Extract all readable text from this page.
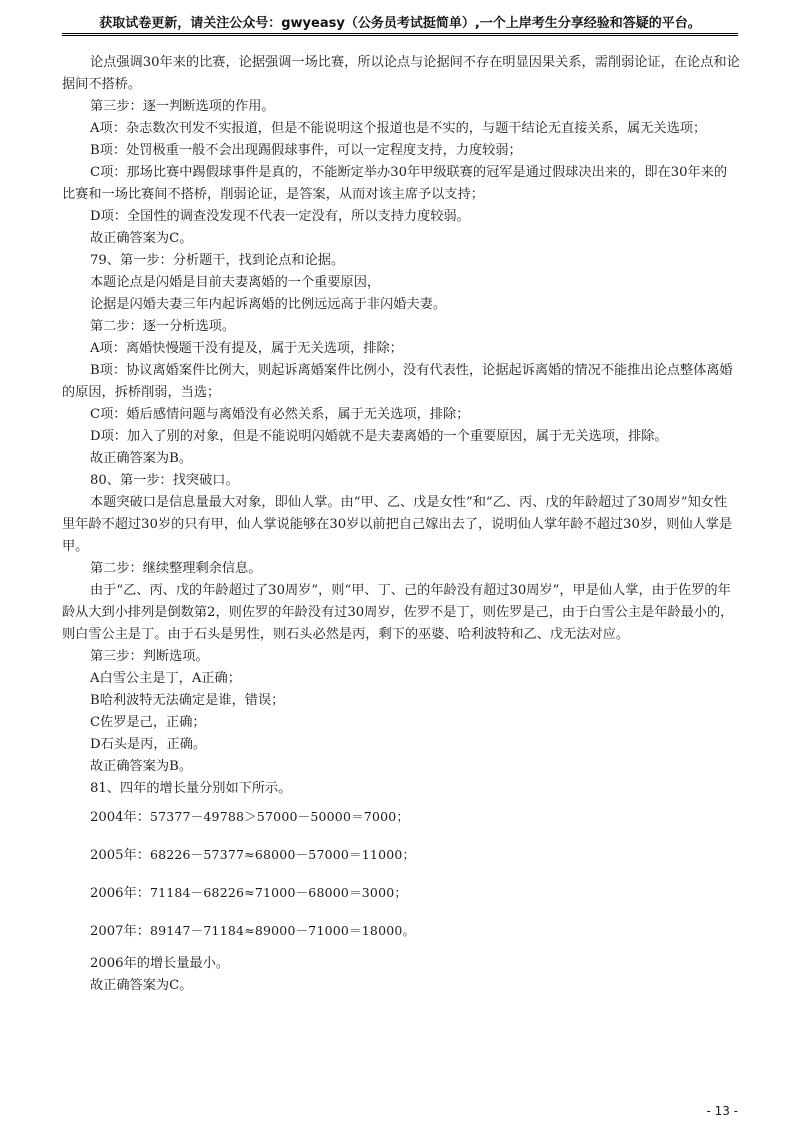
获取试卷更新，请关注公众号：gwyeasy（公务员考试挺简单）,一个上岸考生分享经验和答疑的平台。

论点强调30年来的比赛，论据强调一场比赛，所以论点与论据间不存在明显因果关系，需削弱论证，在论点和论据间不搭桥。

第三步：逐一判断选项的作用。

A项：杂志数次刊发不实报道，但是不能说明这个报道也是不实的，与题干结论无直接关系，属无关选项；

B项：处罚极重一般不会出现踢假球事件，可以一定程度支持，力度较弱；

C项：那场比赛中踢假球事件是真的，不能断定举办30年甲级联赛的冠军是通过假球决出来的，即在30年来的比赛和一场比赛间不搭桥，削弱论证，是答案，从而对该主席予以支持；

D项：全国性的调查没发现不代表一定没有，所以支持力度较弱。

故正确答案为C。

79、第一步：分析题干，找到论点和论据。

本题论点是闪婚是目前夫妻离婚的一个重要原因，

论据是闪婚夫妻三年内起诉离婚的比例远远高于非闪婚夫妻。

第二步：逐一分析选项。

A项：离婚快慢题干没有提及，属于无关选项，排除；

B项：协议离婚案件比例大，则起诉离婚案件比例小，没有代表性，论据起诉离婚的情况不能推出论点整体离婚的原因，拆桥削弱，当选；

C项：婚后感情问题与离婚没有必然关系，属于无关选项，排除；

D项：加入了别的对象，但是不能说明闪婚就不是夫妻离婚的一个重要原因，属于无关选项，排除。

故正确答案为B。

80、第一步：找突破口。

本题突破口是信息量最大对象，即仙人掌。由“甲、乙、戊是女性”和“乙、丙、戊的年龄超过了30周岁”知女性里年龄不超过30岁的只有甲，仙人掌说能够在30岁以前把自己嫁出去了，说明仙人掌年龄不超过30岁，则仙人掌是甲。

第二步：继续整理剩余信息。

由于“乙、丙、戊的年龄超过了30周岁”，则“甲、丁、己的年龄没有超过30周岁”，甲是仙人掌，由于佐罗的年龄从大到小排列是倒数第2，则佐罗的年龄没有过30周岁，佐罗不是丁，则佐罗是己，由于白雪公主是年龄最小的，则白雪公主是丁。由于石头是男性，则石头必然是丙，剩下的巫婆、哈利波特和乙、戊无法对应。

第三步：判断选项。

A白雪公主是丁，A正确；

B哈利波特无法确定是谁，错误；

C佐罗是己，正确；

D石头是丙，正确。

故正确答案为B。

81、四年的增长量分别如下所示。

2004年：57377－49788＞57000－50000＝7000；
2005年：68226－57377≈68000－57000＝11000；
2006年：71184－68226≈71000－68000＝3000；
2007年：89147－71184≈89000－71000＝18000。

2006年的增长量最小。

故正确答案为C。

- 13 -
